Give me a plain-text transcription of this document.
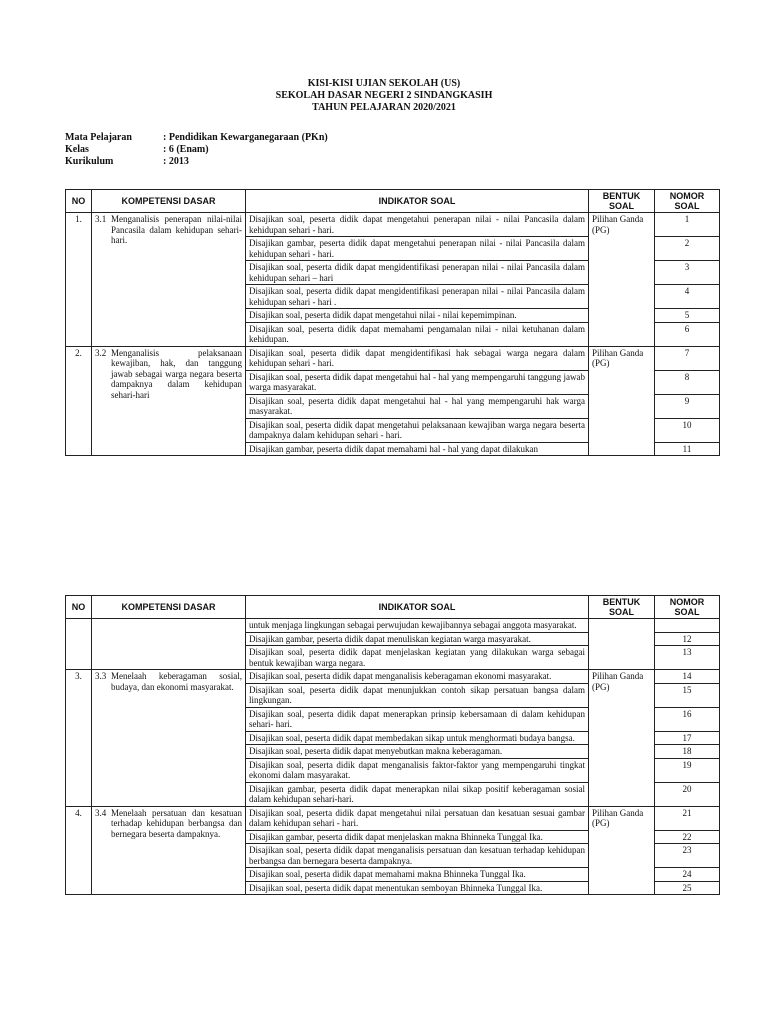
KISI-KISI UJIAN SEKOLAH (US)
SEKOLAH DASAR NEGERI 2 SINDANGKASIH
TAHUN PELAJARAN 2020/2021
Mata Pelajaran	: Pendidikan Kewarganegaraan (PKn)
Kelas	: 6 (Enam)
Kurikulum	: 2013
NO	KOMPETENSI DASAR	INDIKATOR SOAL	BENTUK SOAL	NOMOR SOAL
1.	3.1 Menganalisis penerapan nilai-nilai Pancasila dalam kehidupan sehari-hari.	Disajikan soal, peserta didik dapat mengetahui penerapan nilai - nilai Pancasila dalam kehidupan sehari - hari.	Pilihan Ganda (PG)	1
		Disajikan gambar, peserta didik dapat mengetahui penerapan nilai - nilai Pancasila dalam kehidupan sehari - hari.		2
		Disajikan soal, peserta didik dapat mengidentifikasi penerapan nilai - nilai Pancasila dalam kehidupan sehari – hari		3
		Disajikan soal, peserta didik dapat mengidentifikasi penerapan nilai - nilai Pancasila dalam kehidupan sehari - hari .		4
		Disajikan soal, peserta didik dapat mengetahui nilai - nilai kepemimpinan.		5
		Disajikan soal, peserta didik dapat memahami pengamalan nilai - nilai ketuhanan dalam kehidupan.		6
2.	3.2 Menganalisis pelaksanaan kewajiban, hak, dan tanggung jawab sebagai warga negara beserta dampaknya dalam kehidupan sehari-hari	Disajikan soal, peserta didik dapat mengidentifikasi hak sebagai warga negara dalam kehidupan sehari - hari.	Pilihan Ganda (PG)	7
		Disajikan soal, peserta didik dapat mengetahui hal - hal yang mempengaruhi tanggung jawab warga masyarakat.		8
		Disajikan soal, peserta didik dapat mengetahui hal - hal yang mempengaruhi hak warga masyarakat.		9
		Disajikan soal, peserta didik dapat mengetahui pelaksanaan kewajiban warga negara beserta dampaknya dalam kehidupan sehari - hari.		10
		Disajikan gambar, peserta didik dapat memahami hal - hal yang dapat dilakukan		11
NO	KOMPETENSI DASAR	INDIKATOR SOAL	BENTUK SOAL	NOMOR SOAL
		untuk menjaga lingkungan sebagai perwujudan kewajibannya sebagai anggota masyarakat.		
		Disajikan gambar, peserta didik dapat menuliskan kegiatan warga masyarakat.		12
		Disajikan soal, peserta didik dapat menjelaskan kegiatan yang dilakukan warga sebagai bentuk kewajiban warga negara.		13
3.	3.3 Menelaah keberagaman sosial, budaya, dan ekonomi masyarakat.	Disajikan soal, peserta didik dapat menganalisis keberagaman ekonomi masyarakat.	Pilihan Ganda (PG)	14
		Disajikan soal, peserta didik dapat menunjukkan contoh sikap persatuan bangsa dalam lingkungan.		15
		Disajikan soal, peserta didik dapat menerapkan prinsip kebersamaan di dalam kehidupan sehari- hari.		16
		Disajikan soal, peserta didik dapat membedakan sikap untuk menghormati budaya bangsa.		17
		Disajikan soal, peserta didik dapat menyebutkan makna keberagaman.		18
		Disajikan soal, peserta didik dapat menganalisis faktor-faktor yang mempengaruhi tingkat ekonomi dalam masyarakat.		19
		Disajikan gambar, peserta didik dapat menerapkan nilai sikap positif keberagaman sosial dalam kehidupan sehari-hari.		20
4.	3.4 Menelaah persatuan dan kesatuan terhadap kehidupan berbangsa dan bernegara beserta dampaknya.	Disajikan soal, peserta didik dapat mengetahui nilai persatuan dan kesatuan sesuai gambar dalam kehidupan sehari - hari.	Pilihan Ganda (PG)	21
		Disajikan gambar, peserta didik dapat menjelaskan makna Bhinneka Tunggal Ika.		22
		Disajikan soal, peserta didik dapat menganalisis persatuan dan kesatuan terhadap kehidupan berbangsa dan bernegara beserta dampaknya.		23
		Disajikan soal, peserta didik dapat memahami makna Bhinneka Tunggal Ika.		24
		Disajikan soal, peserta didik dapat menentukan semboyan Bhinneka Tunggal Ika.		25
